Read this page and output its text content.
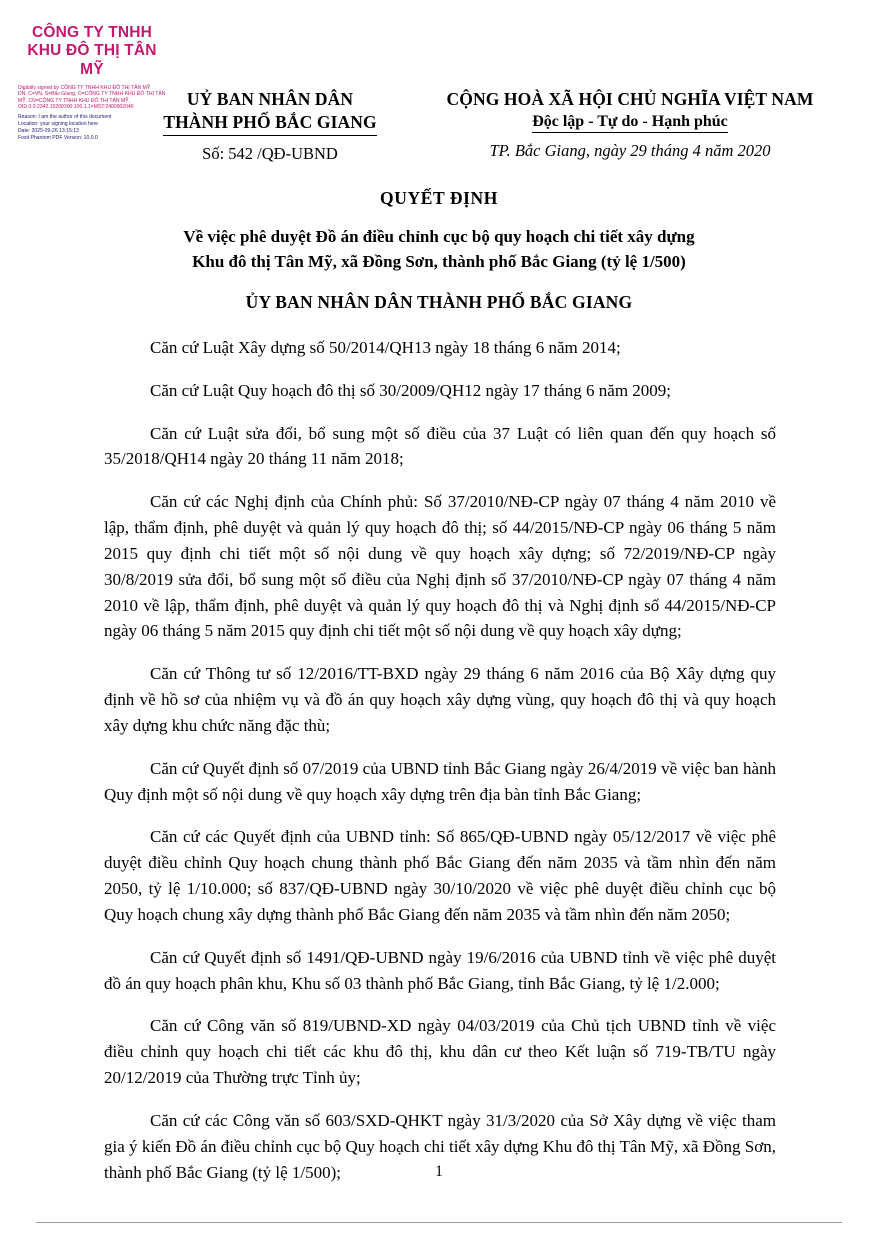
CÔNG TY TNHH KHU ĐÔ THỊ TÂN MỸ
Digitally signed by CÔNG TY TNHH KHU ĐÔ THỊ TÂN MỸ
DN: C=VN, S=Bắc Giang, O=CÔNG TY TNHH KHU ĐÔ THỊ TÂN MỸ, CN=CÔNG TY TNHH KHU ĐÔ THỊ TÂN MỸ, OID.0.9.2342.19200300.100.1.1=MST:2400902046
Reason: I am the author of this document
Location: your signing location here
Date: 2025-09-26 13:15:13
Foxit Phantom PDF Version: 10.0.0
UỶ BAN NHÂN DÂN
THÀNH PHỐ BẮC GIANG
Số: 542 /QĐ-UBND
CỘNG HOÀ XÃ HỘI CHỦ NGHĨA VIỆT NAM
Độc lập - Tự do - Hạnh phúc
TP. Bắc Giang, ngày 29 tháng 4 năm 2020
QUYẾT ĐỊNH
Về việc phê duyệt Đồ án điều chỉnh cục bộ quy hoạch chi tiết xây dựng
Khu đô thị Tân Mỹ, xã Đồng Sơn, thành phố Bắc Giang (tỷ lệ 1/500)
ỦY BAN NHÂN DÂN THÀNH PHỐ BẮC GIANG

Căn cứ Luật Xây dựng số 50/2014/QH13 ngày 18 tháng 6 năm 2014;

Căn cứ Luật Quy hoạch đô thị số 30/2009/QH12 ngày 17 tháng 6 năm 2009;

Căn cứ Luật sửa đổi, bổ sung một số điều của 37 Luật có liên quan đến quy hoạch số 35/2018/QH14 ngày 20 tháng 11 năm 2018;

Căn cứ các Nghị định của Chính phủ: Số 37/2010/NĐ-CP ngày 07 tháng 4 năm 2010 về lập, thẩm định, phê duyệt và quản lý quy hoạch đô thị; số 44/2015/NĐ-CP ngày 06 tháng 5 năm 2015 quy định chi tiết một số nội dung về quy hoạch xây dựng; số 72/2019/NĐ-CP ngày 30/8/2019 sửa đổi, bổ sung một số điều của Nghị định số 37/2010/NĐ-CP ngày 07 tháng 4 năm 2010 về lập, thẩm định, phê duyệt và quản lý quy hoạch đô thị và Nghị định số 44/2015/NĐ-CP ngày 06 tháng 5 năm 2015 quy định chi tiết một số nội dung về quy hoạch xây dựng;

Căn cứ Thông tư số 12/2016/TT-BXD ngày 29 tháng 6 năm 2016 của Bộ Xây dựng quy định về hồ sơ của nhiệm vụ và đồ án quy hoạch xây dựng vùng, quy hoạch đô thị và quy hoạch xây dựng khu chức năng đặc thù;

Căn cứ Quyết định số 07/2019 của UBND tỉnh Bắc Giang ngày 26/4/2019 về việc ban hành Quy định một số nội dung về quy hoạch xây dựng trên địa bàn tỉnh Bắc Giang;

Căn cứ các Quyết định của UBND tỉnh: Số 865/QĐ-UBND ngày 05/12/2017 về việc phê duyệt điều chỉnh Quy hoạch chung thành phố Bắc Giang đến năm 2035 và tầm nhìn đến năm 2050, tỷ lệ 1/10.000; số 837/QĐ-UBND ngày 30/10/2020 về việc phê duyệt điều chỉnh cục bộ Quy hoạch chung xây dựng thành phố Bắc Giang đến năm 2035 và tầm nhìn đến năm 2050;

Căn cứ Quyết định số 1491/QĐ-UBND ngày 19/6/2016 của UBND tỉnh về việc phê duyệt đồ án quy hoạch phân khu, Khu số 03 thành phố Bắc Giang, tỉnh Bắc Giang, tỷ lệ 1/2.000;

Căn cứ Công văn số 819/UBND-XD ngày 04/03/2019 của Chủ tịch UBND tỉnh về việc điều chỉnh quy hoạch chi tiết các khu đô thị, khu dân cư theo Kết luận số 719-TB/TU ngày 20/12/2019 của Thường trực Tỉnh ủy;

Căn cứ các Công văn số 603/SXD-QHKT ngày 31/3/2020 của Sở Xây dựng về việc tham gia ý kiến Đồ án điều chỉnh cục bộ Quy hoạch chi tiết xây dựng Khu đô thị Tân Mỹ, xã Đồng Sơn, thành phố Bắc Giang (tỷ lệ 1/500);	1
